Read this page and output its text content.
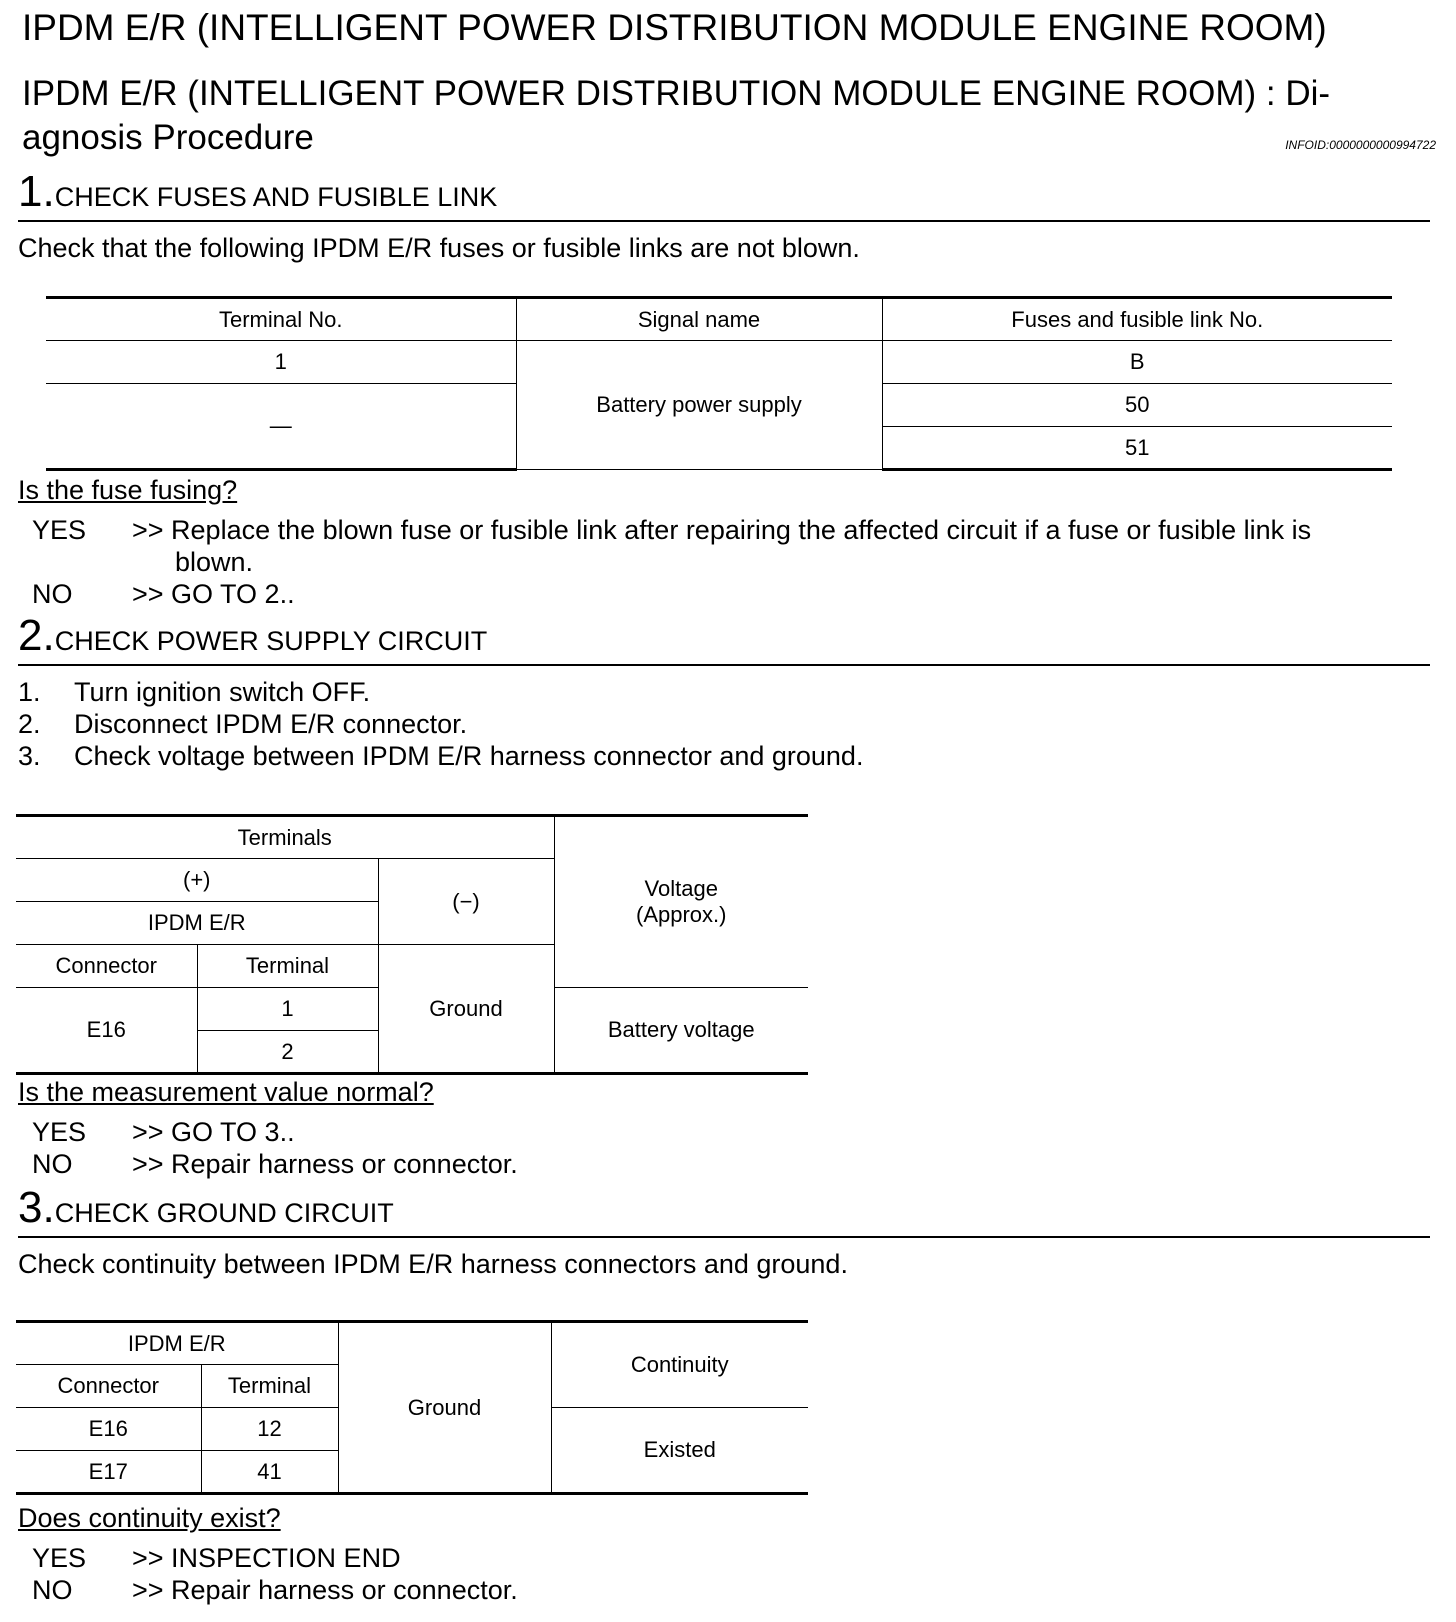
IPDM E/R (INTELLIGENT POWER DISTRIBUTION MODULE ENGINE ROOM)
IPDM E/R (INTELLIGENT POWER DISTRIBUTION MODULE ENGINE ROOM) : Di-agnosis Procedure	INFOID:0000000000994722
1.CHECK FUSES AND FUSIBLE LINK
Check that the following IPDM E/R fuses or fusible links are not blown.
Terminal No.	Signal name	Fuses and fusible link No.
1	Battery power supply	B
—		50
		51
Is the fuse fusing?
YES >> Replace the blown fuse or fusible link after repairing the affected circuit if a fuse or fusible link is
blown.
NO >> GO TO 2..
2.CHECK POWER SUPPLY CIRCUIT
1. Turn ignition switch OFF.
2. Disconnect IPDM E/R connector.
3. Check voltage between IPDM E/R harness connector and ground.
Terminals			Voltage
(Approx.)
(+)		(−)	
IPDM E/R			
Connector	Terminal	Ground	
E16	1		Battery voltage
	2		
Is the measurement value normal?
YES >> GO TO 3..
NO >> Repair harness or connector.
3.CHECK GROUND CIRCUIT
Check continuity between IPDM E/R harness connectors and ground.
IPDM E/R		Ground	Continuity
Connector	Terminal		
E16	12		Existed
E17	41		
Does continuity exist?
YES >> INSPECTION END
NO >> Repair harness or connector.
